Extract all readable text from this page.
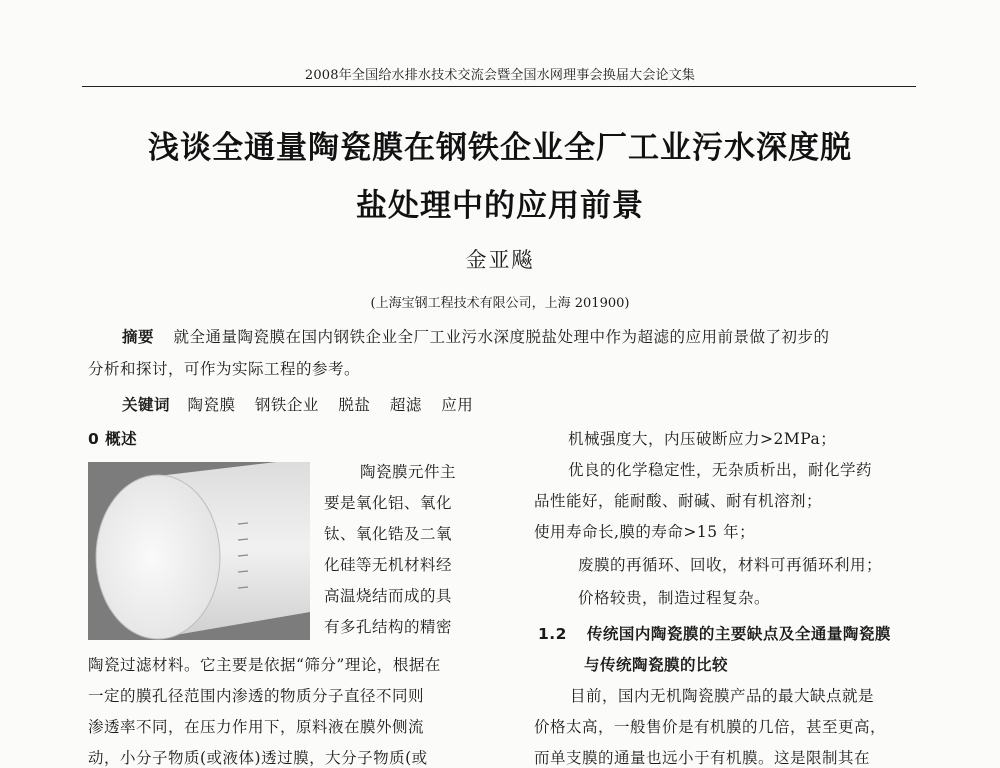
2008年全国给水排水技术交流会暨全国水网理事会换届大会论文集
浅谈全通量陶瓷膜在钢铁企业全厂工业污水深度脱
盐处理中的应用前景
金亚飚
(上海宝钢工程技术有限公司，上海 201900)
摘要 就全通量陶瓷膜在国内钢铁企业全厂工业污水深度脱盐处理中作为超滤的应用前景做了初步的
分析和探讨，可作为实际工程的参考。
关键词 陶瓷膜 钢铁企业 脱盐 超滤 应用
0 概述
陶瓷膜元件主
要是氧化铝、氧化
钛、氧化锆及二氧
化硅等无机材料经
高温烧结而成的具
有多孔结构的精密
陶瓷过滤材料。它主要是依据“筛分”理论，根据在
一定的膜孔径范围内渗透的物质分子直径不同则
渗透率不同，在压力作用下，原料液在膜外侧流
动，小分子物质(或液体)透过膜，大分子物质(或
机械强度大，内压破断应力>2MPa；
优良的化学稳定性，无杂质析出，耐化学药
品性能好，能耐酸、耐碱、耐有机溶剂；
使用寿命长,膜的寿命>15 年；
废膜的再循环、回收，材料可再循环利用；
价格较贵，制造过程复杂。
1.2 传统国内陶瓷膜的主要缺点及全通量陶瓷膜
与传统陶瓷膜的比较
目前，国内无机陶瓷膜产品的最大缺点就是
价格太高，一般售价是有机膜的几倍，甚至更高，
而单支膜的通量也远小于有机膜。这是限制其在
